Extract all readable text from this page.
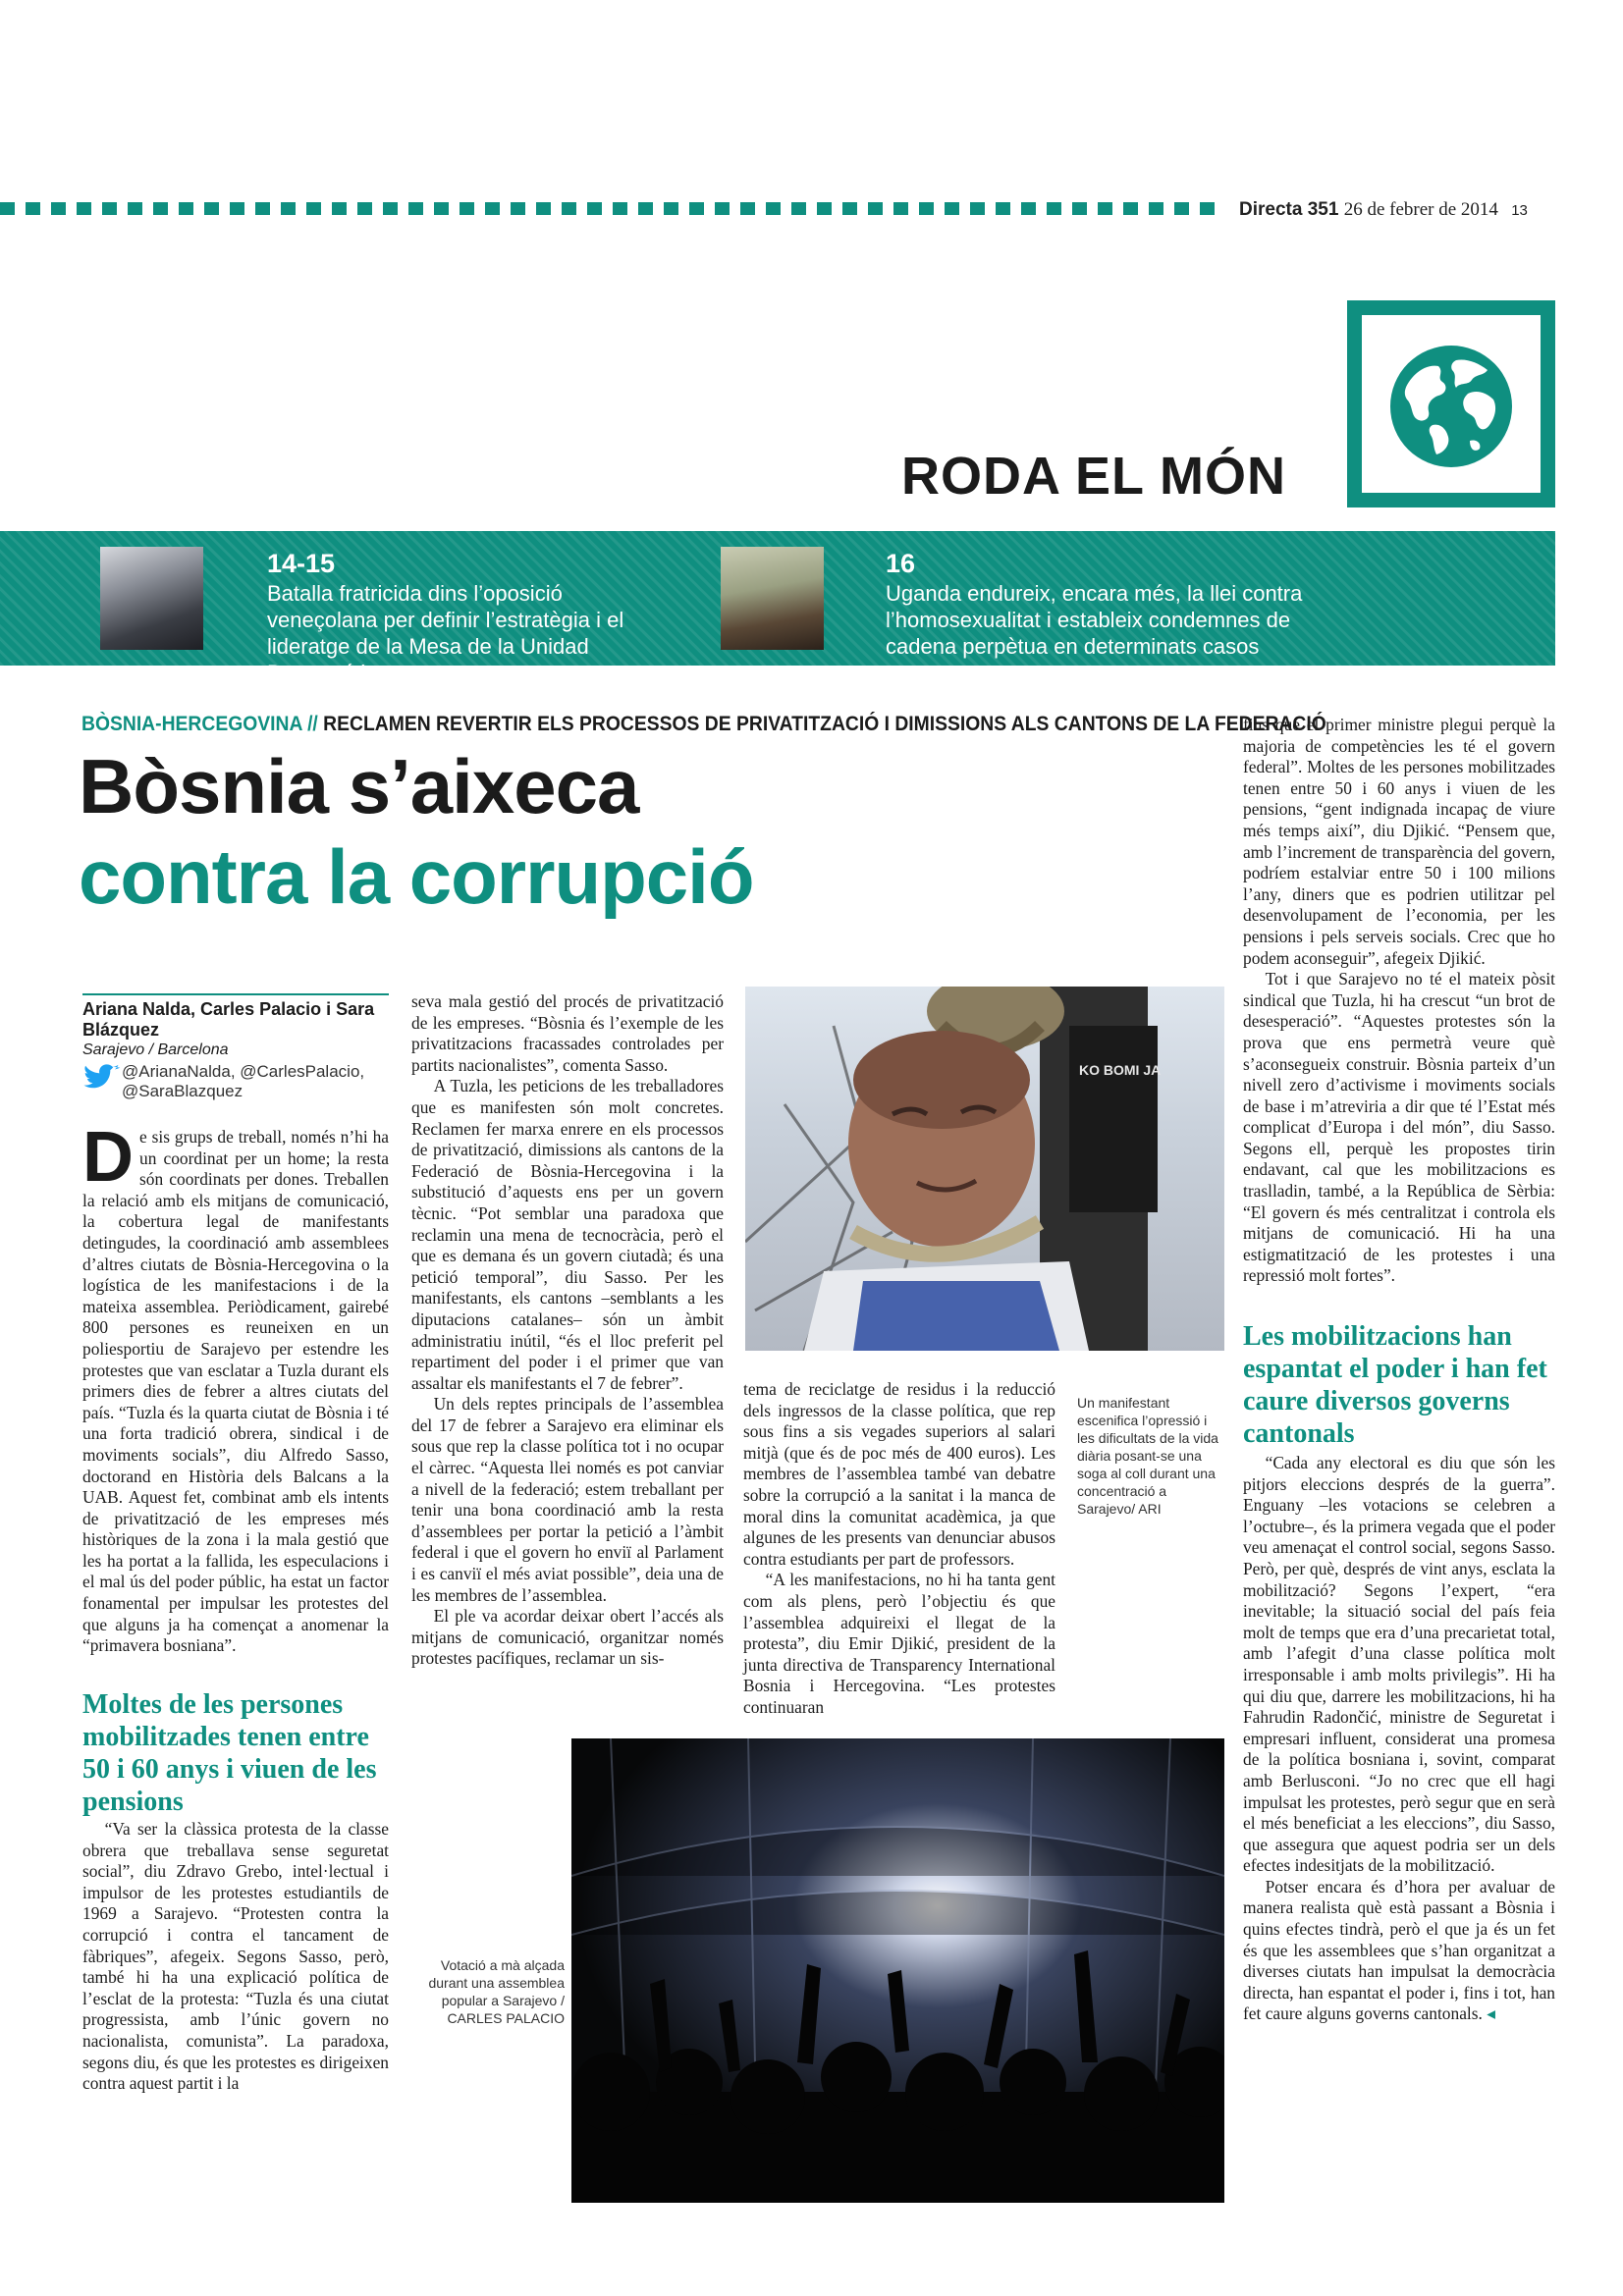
Directa 351 26 de febrer de 2014 13
RODA EL MÓN
14-15
Batalla fratricida dins l’oposició veneçolana per definir l’estratègia i el lideratge de la Mesa de la Unidad Democrática
16
Uganda endureix, encara més, la llei contra l’homosexualitat i estableix condemnes de cadena perpètua en determinats casos
BÒSNIA-HERCEGOVINA // RECLAMEN REVERTIR ELS PROCESSOS DE PRIVATITZACIÓ I DIMISSIONS ALS CANTONS DE LA FEDERACIÓ
Bòsnia s’aixeca
contra la corrupció
Ariana Nalda, Carles Palacio i Sara Blázquez
Sarajevo / Barcelona
@ArianaNalda, @CarlesPalacio, @SaraBlazquez

De sis grups de treball, només n’hi ha un coordinat per un home; la resta són coordinats per dones. Treballen la relació amb els mitjans de comunicació, la cobertura legal de manifestants detingudes, la coordinació amb assemblees d’altres ciutats de Bòsnia-Hercegovina o la logística de les manifestacions i de la mateixa assemblea. Periòdicament, gairebé 800 persones es reuneixen en un poliesportiu de Sarajevo per estendre les protestes que van esclatar a Tuzla durant els primers dies de febrer a altres ciutats del país. “Tuzla és la quarta ciutat de Bòsnia i té una forta tradició obrera, sindical i de moviments socials”, diu Alfredo Sasso, doctorand en Història dels Balcans a la UAB. Aquest fet, combinat amb els intents de privatització de les empreses més històriques de la zona i la mala gestió que les ha portat a la fallida, les especulacions i el mal ús del poder públic, ha estat un factor fonamental per impulsar les protestes del que alguns ja ha començat a anomenar la “primavera bosniana”.

Moltes de les persones mobilitzades tenen entre 50 i 60 anys i viuen de les pensions

“Va ser la clàssica protesta de la classe obrera que treballava sense seguretat social”, diu Zdravo Grebo, intel·lectual i impulsor de les protestes estudiantils de 1969 a Sarajevo. “Protesten contra la corrupció i contra el tancament de fàbriques”, afegeix. Segons Sasso, però, també hi ha una explicació política de l’esclat de la protesta: “Tuzla és una ciutat progressista, amb l’únic govern no nacionalista, comunista”. La paradoxa, segons diu, és que les protestes es dirigeixen contra aquest partit i la

seva mala gestió del procés de privatització de les empreses. “Bòsnia és l’exemple de les privatitzacions fracassades controlades per partits nacionalistes”, comenta Sasso.

A Tuzla, les peticions de les treballadores que es manifesten són molt concretes. Reclamen fer marxa enrere en els processos de privatització, dimissions als cantons de la Federació de Bòsnia-Hercegovina i la substitució d’aquests ens per un govern tècnic. “Pot semblar una paradoxa que reclamin una mena de tecnocràcia, però el que es demana és un govern ciutadà; és una petició temporal”, diu Sasso. Per les manifestants, els cantons –semblants a les diputacions catalanes– són un àmbit administratiu inútil, “és el lloc preferit pel repartiment del poder i el primer que van assaltar els manifestants el 7 de febrer”.

Un dels reptes principals de l’assemblea del 17 de febrer a Sarajevo era eliminar els sous que rep la classe política tot i no ocupar el càrrec. “Aquesta llei només es pot canviar a nivell de la federació; estem treballant per tenir una bona coordinació amb la resta d’assemblees per portar la petició a l’àmbit federal i que el govern ho enviï al Parlament i es canviï el més aviat possible”, deia una de les membres de l’assemblea.

El ple va acordar deixar obert l’accés als mitjans de comunicació, organitzar només protestes pacífiques, reclamar un sis-

KO BOMI JA
Un manifestant escenifica l’opressió i les dificultats de la vida diària posant-se una soga al coll durant una concentració a Sarajevo/ ARI

tema de reciclatge de residus i la reducció dels ingressos de la classe política, que rep sous fins a sis vegades superiors al salari mitjà (que és de poc més de 400 euros). Les membres de l’assemblea també van debatre sobre la corrupció a la sanitat i la manca de moral dins la comunitat acadèmica, ja que algunes de les presents van denunciar abusos contra estudiants per part de professors.

“A les manifestacions, no hi ha tanta gent com als plens, però l’objectiu és que l’assemblea adquireixi el llegat de la protesta”, diu Emir Djikić, president de la junta directiva de Transparency International Bosnia i Hercegovina. “Les protestes continuaran

Votació a mà alçada durant una assemblea popular a Sarajevo / CARLES PALACIO

fins que el primer ministre plegui perquè la majoria de competències les té el govern federal”. Moltes de les persones mobilitzades tenen entre 50 i 60 anys i viuen de les pensions, “gent indignada incapaç de viure més temps així”, diu Djikić. “Pensem que, amb l’increment de transparència del govern, podríem estalviar entre 50 i 100 milions l’any, diners que es podrien utilitzar pel desenvolupament de l’economia, per les pensions i pels serveis socials. Crec que ho podem aconseguir”, afegeix Djikić.

Tot i que Sarajevo no té el mateix pòsit sindical que Tuzla, hi ha crescut “un brot de desesperació”. “Aquestes protestes són la prova que ens permetrà veure què s’aconsegueix construir. Bòsnia parteix d’un nivell zero d’activisme i moviments socials de base i m’atreviria a dir que té l’Estat més complicat d’Europa i del món”, diu Sasso. Segons ell, perquè les propostes tirin endavant, cal que les mobilitzacions es traslladin, també, a la República de Sèrbia: “El govern és més centralitzat i controla els mitjans de comunicació. Hi ha una estigmatització de les protestes i una repressió molt fortes”.

Les mobilitzacions han espantat el poder i han fet caure diversos governs cantonals

“Cada any electoral es diu que són les pitjors eleccions després de la guerra”. Enguany –les votacions se celebren a l’octubre–, és la primera vegada que el poder veu amenaçat el control social, segons Sasso. Però, per què, després de vint anys, esclata la mobilització? Segons l’expert, “era inevitable; la situació social del país feia molt de temps que era d’una precarietat total, amb l’afegit d’una classe política molt irresponsable i amb molts privilegis”. Hi ha qui diu que, darrere les mobilitzacions, hi ha Fahrudin Radončić, ministre de Seguretat i empresari influent, considerat una promesa de la política bosniana i, sovint, comparat amb Berlusconi. “Jo no crec que ell hagi impulsat les protestes, però segur que en serà el més beneficiat a les eleccions”, diu Sasso, que assegura que aquest podria ser un dels efectes indesitjats de la mobilització.

Potser encara és d’hora per avaluar de manera realista què està passant a Bòsnia i quins efectes tindrà, però el que ja és un fet és que les assemblees que s’han organitzat a diverses ciutats han impulsat la democràcia directa, han espantat el poder i, fins i tot, han fet caure alguns governs cantonals. ◂
